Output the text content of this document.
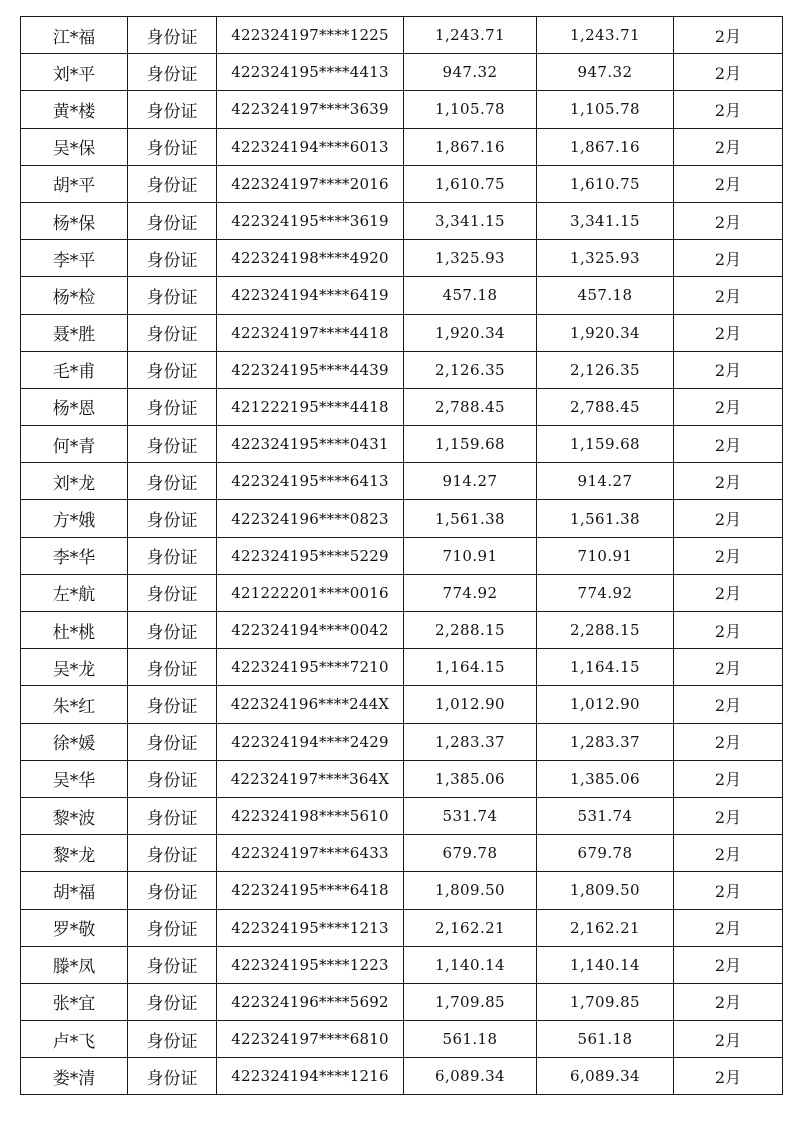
江*福	身份证	422324197****1225	1,243.71	1,243.71	2月
刘*平	身份证	422324195****4413	947.32	947.32	2月
黄*楼	身份证	422324197****3639	1,105.78	1,105.78	2月
吴*保	身份证	422324194****6013	1,867.16	1,867.16	2月
胡*平	身份证	422324197****2016	1,610.75	1,610.75	2月
杨*保	身份证	422324195****3619	3,341.15	3,341.15	2月
李*平	身份证	422324198****4920	1,325.93	1,325.93	2月
杨*检	身份证	422324194****6419	457.18	457.18	2月
聂*胜	身份证	422324197****4418	1,920.34	1,920.34	2月
毛*甫	身份证	422324195****4439	2,126.35	2,126.35	2月
杨*恩	身份证	421222195****4418	2,788.45	2,788.45	2月
何*青	身份证	422324195****0431	1,159.68	1,159.68	2月
刘*龙	身份证	422324195****6413	914.27	914.27	2月
方*娥	身份证	422324196****0823	1,561.38	1,561.38	2月
李*华	身份证	422324195****5229	710.91	710.91	2月
左*航	身份证	421222201****0016	774.92	774.92	2月
杜*桃	身份证	422324194****0042	2,288.15	2,288.15	2月
吴*龙	身份证	422324195****7210	1,164.15	1,164.15	2月
朱*红	身份证	422324196****244X	1,012.90	1,012.90	2月
徐*媛	身份证	422324194****2429	1,283.37	1,283.37	2月
吴*华	身份证	422324197****364X	1,385.06	1,385.06	2月
黎*波	身份证	422324198****5610	531.74	531.74	2月
黎*龙	身份证	422324197****6433	679.78	679.78	2月
胡*福	身份证	422324195****6418	1,809.50	1,809.50	2月
罗*敬	身份证	422324195****1213	2,162.21	2,162.21	2月
滕*凤	身份证	422324195****1223	1,140.14	1,140.14	2月
张*宜	身份证	422324196****5692	1,709.85	1,709.85	2月
卢*飞	身份证	422324197****6810	561.18	561.18	2月
娄*清	身份证	422324194****1216	6,089.34	6,089.34	2月
